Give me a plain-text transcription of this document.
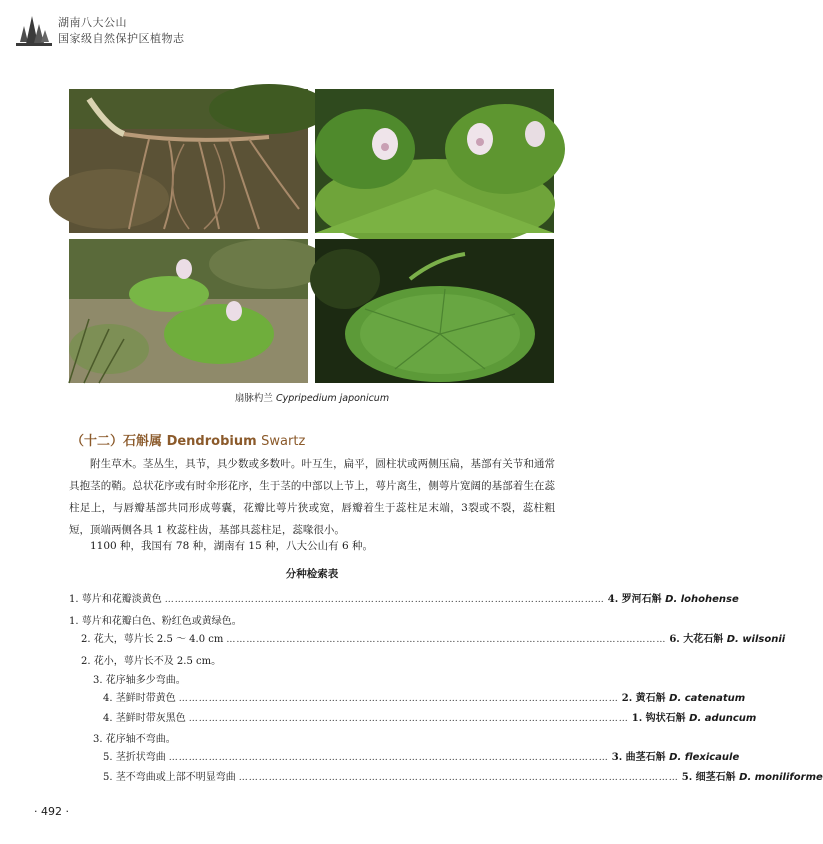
湖南八大公山
国家级自然保护区植物志
扇脉杓兰 Cypripedium japonicum
（十二）石斛属 Dendrobium Swartz
附生草木。茎丛生，具节，具少数或多数叶。叶互生，扁平，圆柱状或两侧压扁，基部有关节和通常具抱茎的鞘。总状花序或有时伞形花序，生于茎的中部以上节上，萼片离生，侧萼片宽阔的基部着生在蕊柱足上，与唇瓣基部共同形成萼囊，花瓣比萼片狭或宽，唇瓣着生于蕊柱足末端，3裂或不裂，蕊柱粗短，顶端两侧各具 1 枚蕊柱齿，基部具蕊柱足，蕊喙很小。
1100 种，我国有 78 种，湖南有 15 种，八大公山有 6 种。
分种检索表
1. 萼片和花瓣淡黄色 …………………………………………………………………………………………………………………… 4. 罗河石斛 D. lohohense
1. 萼片和花瓣白色、粉红色或黄绿色。
2. 花大，萼片长 2.5 ～ 4.0 cm …………………………………………………………………………………………………………………… 6. 大花石斛 D. wilsonii
2. 花小，萼片长不及 2.5 cm。
3. 花序轴多少弯曲。
4. 茎鲜时带黄色 …………………………………………………………………………………………………………………… 2. 黄石斛 D. catenatum
4. 茎鲜时带灰黑色 …………………………………………………………………………………………………………………… 1. 钩状石斛 D. aduncum
3. 花序轴不弯曲。
5. 茎折状弯曲 …………………………………………………………………………………………………………………… 3. 曲茎石斛 D. flexicaule
5. 茎不弯曲或上部不明显弯曲 …………………………………………………………………………………………………………………… 5. 细茎石斛 D. moniliforme
· 492 ·
